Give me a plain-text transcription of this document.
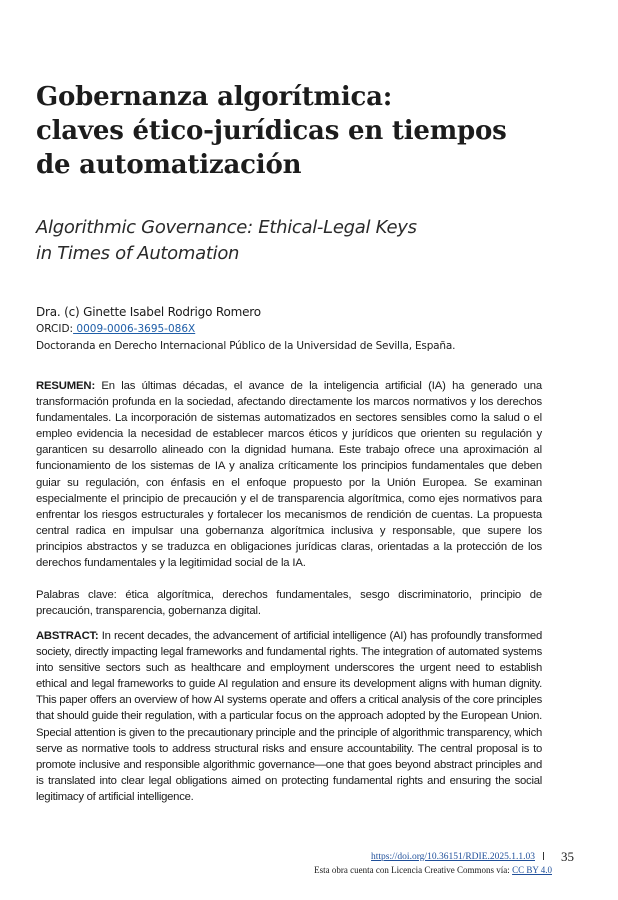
Gobernanza algorítmica:
claves ético-jurídicas en tiempos
de automatización
Algorithmic Governance: Ethical-Legal Keys
in Times of Automation
Dra. (c) Ginette Isabel Rodrigo Romero
ORCID: 0009-0006-3695-086X
Doctoranda en Derecho Internacional Público de la Universidad de Sevilla, España.
RESUMEN: En las últimas décadas, el avance de la inteligencia artificial (IA) ha generado una transformación profunda en la sociedad, afectando directamente los marcos normativos y los derechos fundamentales. La incorporación de sistemas automatizados en sectores sensibles como la salud o el empleo evidencia la necesidad de establecer marcos éticos y jurídicos que orienten su regulación y garanticen su desarrollo alineado con la dignidad humana. Este trabajo ofrece una aproximación al funcionamiento de los sistemas de IA y analiza críticamente los principios fundamentales que deben guiar su regulación, con énfasis en el enfoque propuesto por la Unión Europea. Se examinan especialmente el principio de precaución y el de transparencia algorítmica, como ejes normativos para enfrentar los riesgos estructurales y fortalecer los mecanismos de rendición de cuentas. La propuesta central radica en impulsar una gobernanza algorítmica inclusiva y responsable, que supere los principios abstractos y se traduzca en obligaciones jurídicas claras, orientadas a la protección de los derechos fundamentales y la legitimidad social de la IA.
Palabras clave: ética algorítmica, derechos fundamentales, sesgo discriminatorio, principio de precaución, transparencia, gobernanza digital.
ABSTRACT: In recent decades, the advancement of artificial intelligence (AI) has profoundly transformed society, directly impacting legal frameworks and fundamental rights. The integration of automated systems into sensitive sectors such as healthcare and employment underscores the urgent need to establish ethical and legal frameworks to guide AI regulation and ensure its development aligns with human dignity. This paper offers an overview of how AI systems operate and offers a critical analysis of the core principles that should guide their regulation, with a particular focus on the approach adopted by the European Union. Special attention is given to the precautionary principle and the principle of algorithmic transparency, which serve as normative tools to address structural risks and ensure accountability. The central proposal is to promote inclusive and responsible algorithmic governance—one that goes beyond abstract principles and is translated into clear legal obligations aimed on protecting fundamental rights and ensuring the social legitimacy of artificial intelligence.
https://doi.org/10.36151/RDIE.2025.1.1.03
Esta obra cuenta con Licencia Creative Commons vía: CC BY 4.0
35
